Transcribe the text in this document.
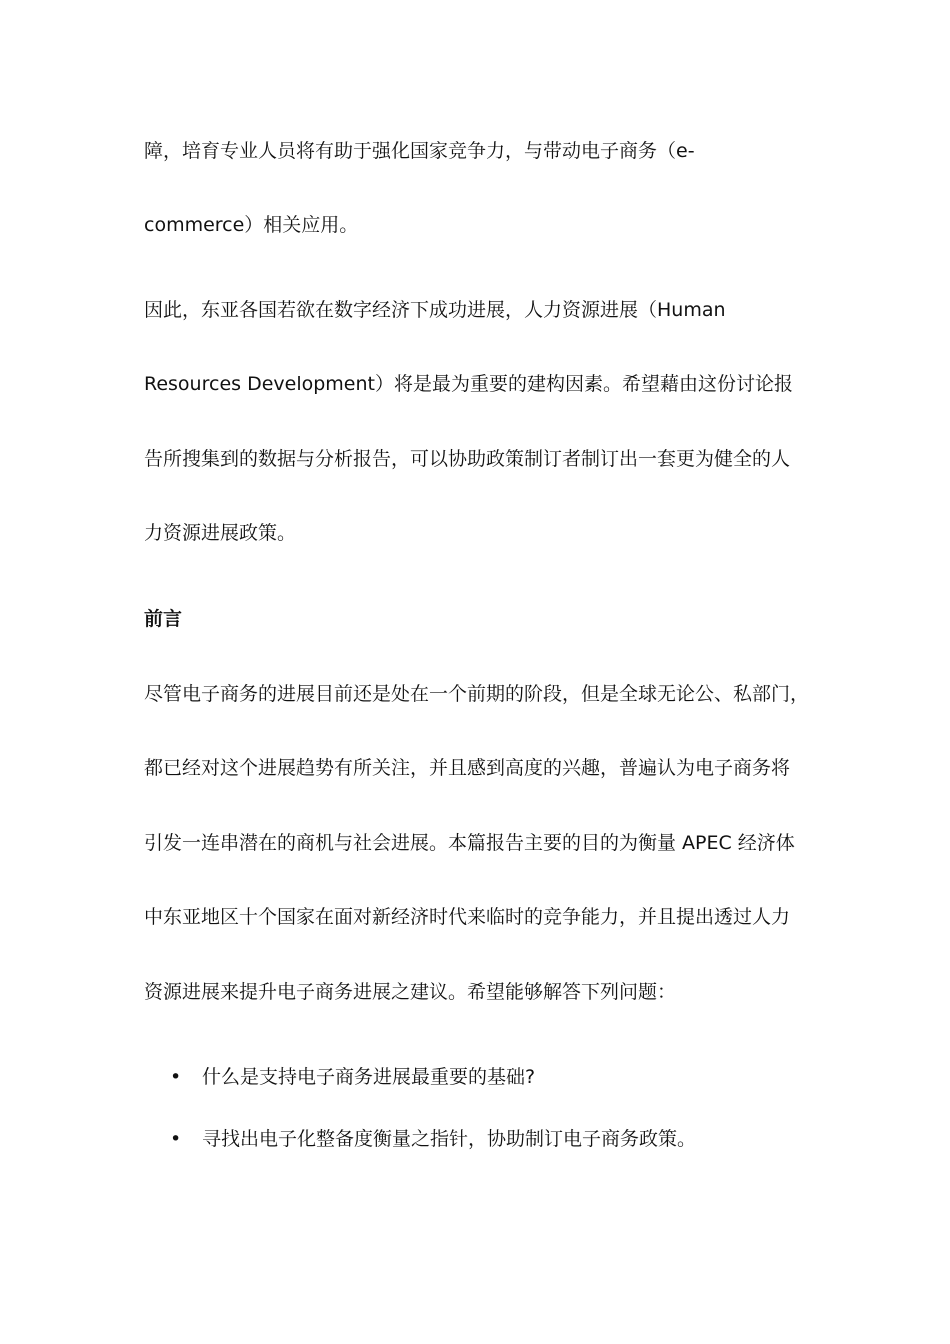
障，培育专业人员将有助于强化国家竞争力，与带动电子商务（e-
commerce）相关应用。
因此，东亚各国若欲在数字经济下成功进展，人力资源进展（Human
Resources Development）将是最为重要的建构因素。希望藉由这份讨论报
告所搜集到的数据与分析报告，可以协助政策制订者制订出一套更为健全的人
力资源进展政策。
前言
尽管电子商务的进展目前还是处在一个前期的阶段，但是全球无论公、私部门，
都已经对这个进展趋势有所关注，并且感到高度的兴趣，普遍认为电子商务将
引发一连串潜在的商机与社会进展。本篇报告主要的目的为衡量 APEC 经济体
中东亚地区十个国家在面对新经济时代来临时的竞争能力，并且提出透过人力
资源进展来提升电子商务进展之建议。希望能够解答下列问题：
• 什么是支持电子商务进展最重要的基础?
• 寻找出电子化整备度衡量之指针，协助制订电子商务政策。
